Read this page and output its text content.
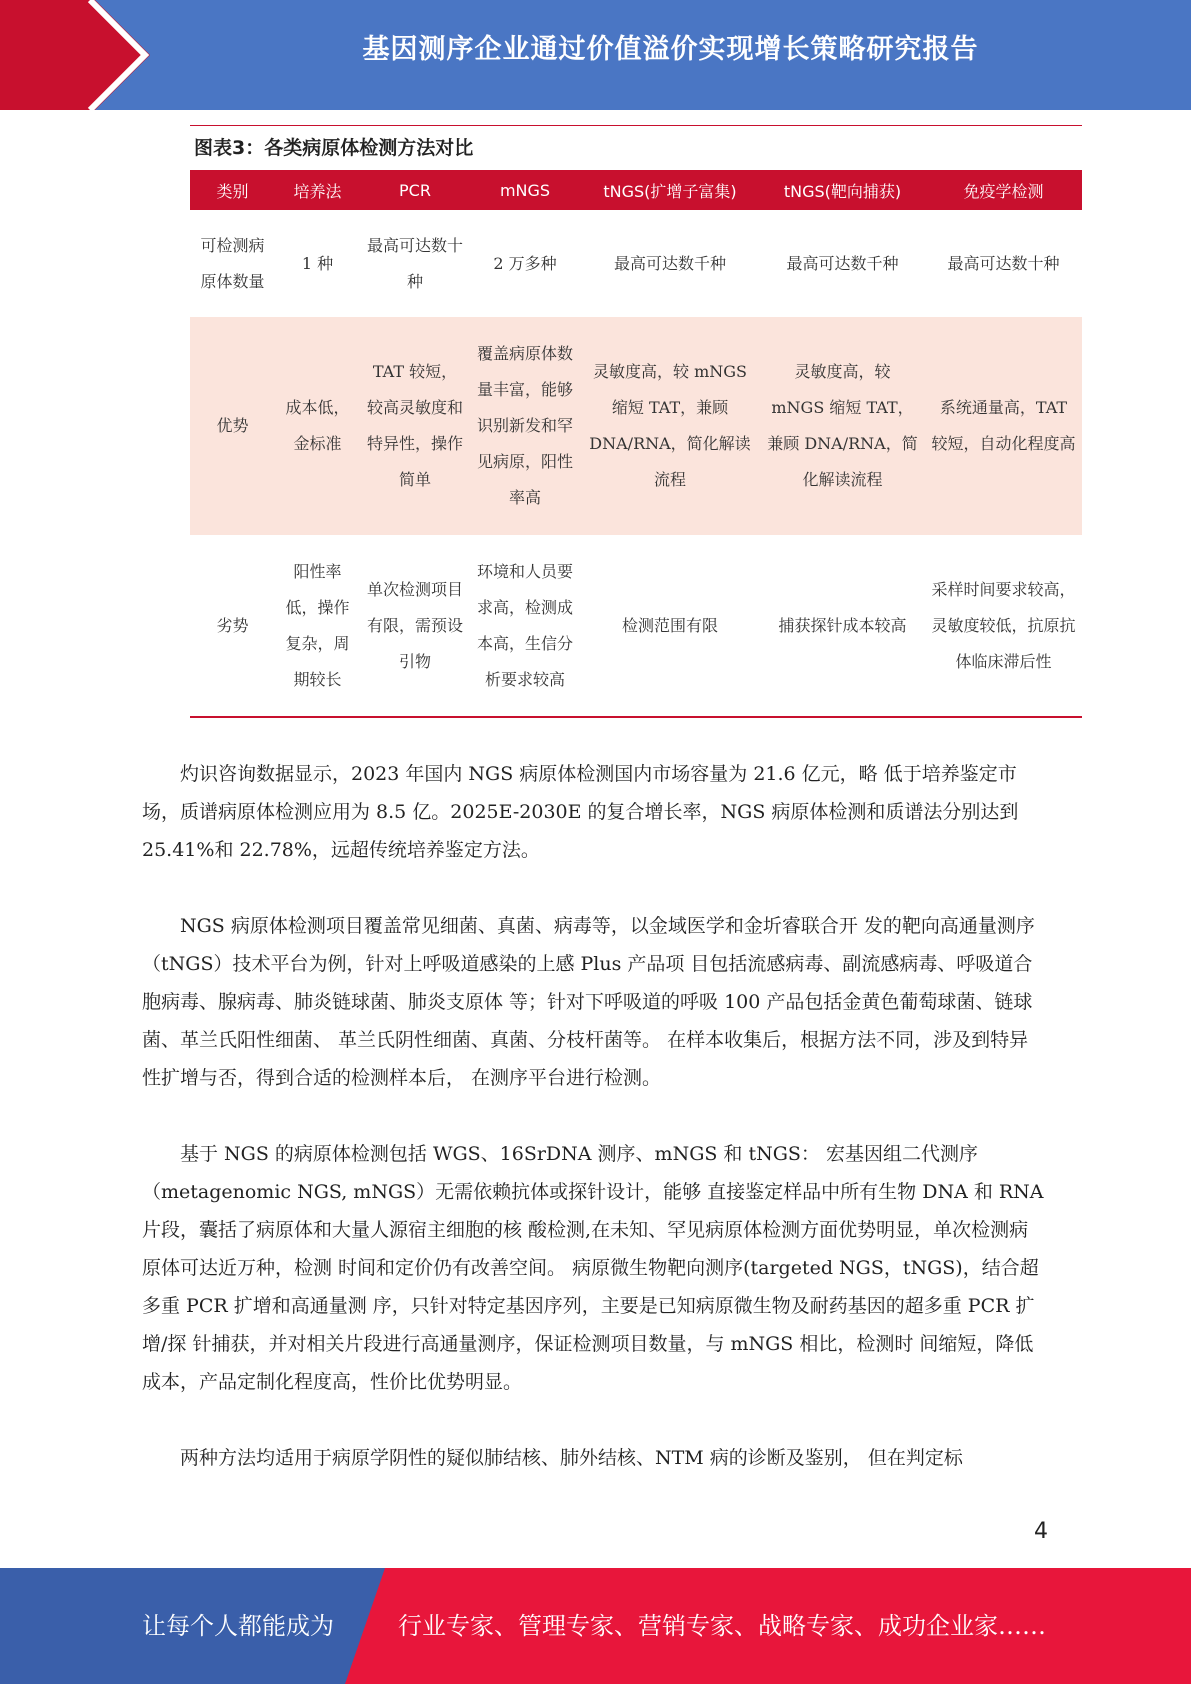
基因测序企业通过价值溢价实现增长策略研究报告
图表3：各类病原体检测方法对比
类别	培养法	PCR	mNGS	tNGS(扩增子富集)	tNGS(靶向捕获)	免疫学检测
可检测病原体数量	1 种	最高可达数十种	2 万多种	最高可达数千种	最高可达数千种	最高可达数十种
优势	成本低，金标准	TAT 较短，较高灵敏度和特异性，操作简单	覆盖病原体数量丰富，能够识别新发和罕见病原，阳性率高	灵敏度高，较 mNGS 缩短 TAT，兼顾 DNA/RNA，简化解读流程	灵敏度高，较 mNGS 缩短 TAT，兼顾 DNA/RNA，简化解读流程	系统通量高，TAT 较短，自动化程度高
劣势	阳性率低，操作复杂，周期较长	单次检测项目有限，需预设引物	环境和人员要求高，检测成本高，生信分析要求较高	检测范围有限	捕获探针成本较高	采样时间要求较高，灵敏度较低，抗原抗体临床滞后性

灼识咨询数据显示，2023 年国内 NGS 病原体检测国内市场容量为 21.6 亿元，略 低于培养鉴定市场，质谱病原体检测应用为 8.5 亿。2025E-2030E 的复合增长率，NGS 病原体检测和质谱法分别达到 25.41%和 22.78%，远超传统培养鉴定方法。

NGS 病原体检测项目覆盖常见细菌、真菌、病毒等，以金域医学和金圻睿联合开 发的靶向高通量测序（tNGS）技术平台为例，针对上呼吸道感染的上感 Plus 产品项 目包括流感病毒、副流感病毒、呼吸道合胞病毒、腺病毒、肺炎链球菌、肺炎支原体 等；针对下呼吸道的呼吸 100 产品包括金黄色葡萄球菌、链球菌、革兰氏阳性细菌、 革兰氏阴性细菌、真菌、分枝杆菌等。 在样本收集后，根据方法不同，涉及到特异性扩增与否，得到合适的检测样本后， 在测序平台进行检测。

基于 NGS 的病原体检测包括 WGS、16SrDNA 测序、mNGS 和 tNGS： 宏基因组二代测序（metagenomic NGS, mNGS）无需依赖抗体或探针设计，能够 直接鉴定样品中所有生物 DNA 和 RNA 片段，囊括了病原体和大量人源宿主细胞的核 酸检测,在未知、罕见病原体检测方面优势明显，单次检测病原体可达近万种，检测 时间和定价仍有改善空间。 病原微生物靶向测序(targeted NGS，tNGS)，结合超多重 PCR 扩增和高通量测 序，只针对特定基因序列，主要是已知病原微生物及耐药基因的超多重 PCR 扩增/探 针捕获，并对相关片段进行高通量测序，保证检测项目数量，与 mNGS 相比，检测时 间缩短，降低成本，产品定制化程度高，性价比优势明显。

两种方法均适用于病原学阴性的疑似肺结核、肺外结核、NTM 病的诊断及鉴别， 但在判定标

4
让每个人都能成为	行业专家、管理专家、营销专家、战略专家、成功企业家……
